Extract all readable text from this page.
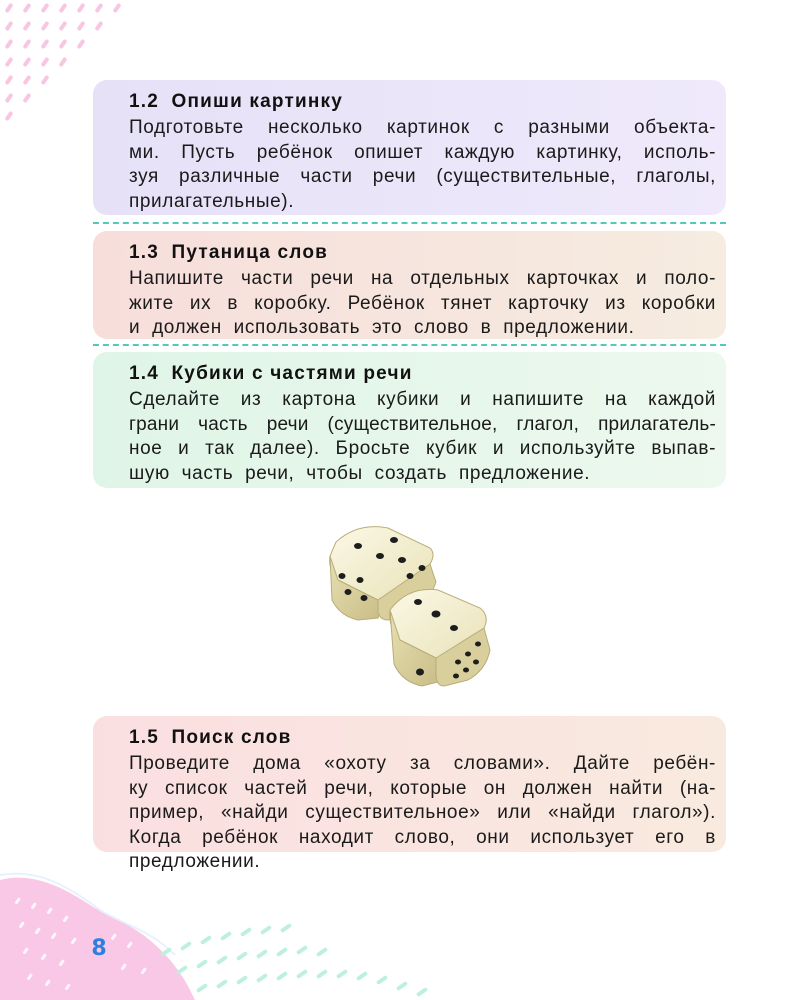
1.2 Опиши картинку
Подготовьте несколько картинок с разными объекта-
ми. Пусть ребёнок опишет каждую картинку, исполь-
зуя различные части речи (существительные, глаголы,
прилагательные).
1.3 Путаница слов
Напишите части речи на отдельных карточках и поло-
жите их в коробку. Ребёнок тянет карточку из коробки
и должен использовать это слово в предложении.
1.4 Кубики с частями речи
Сделайте из картона кубики и напишите на каждой
грани часть речи (существительное, глагол, прилагатель-
ное и так далее). Бросьте кубик и используйте выпав-
шую часть речи, чтобы создать предложение.
1.5 Поиск слов
Проведите дома «охоту за словами». Дайте ребён-
ку список частей речи, которые он должен найти (на-
пример, «найди существительное» или «найди глагол»).
Когда ребёнок находит слово, они использует его в
предложении.
8
